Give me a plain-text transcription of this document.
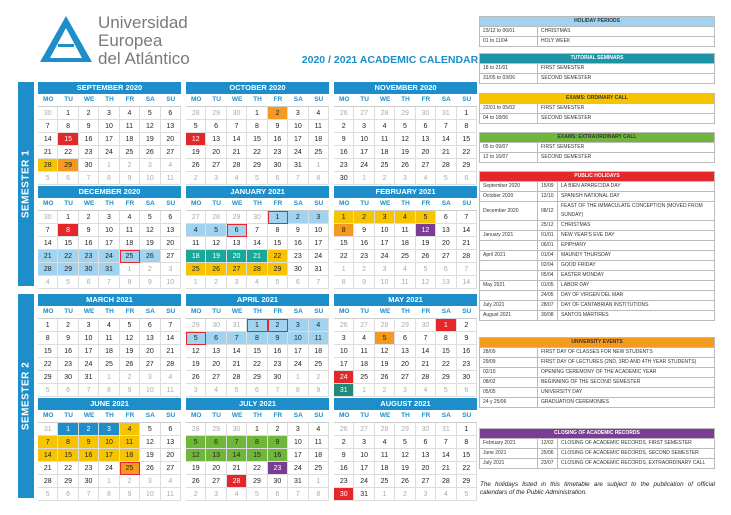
Universidad
Europea
del Atlántico	2020 / 2021 ACADEMIC CALENDAR
SEMESTER 1
SEMESTER 2
SEPTEMBER 2020
MO	TU	WE	TH	FR	SA	SU
30	1	2	3	4	5	6
7	8	9	10	11	12	13
14	15	16	17	18	19	20
21	22	23	24	25	26	27
28	29	30	1	2	3	4
5	6	7	8	9	10	11
OCTOBER 2020
MO	TU	WE	TH	FR	SA	SU
28	29	30	1	2	3	4
5	6	7	8	9	10	11
12	13	14	15	16	17	18
19	20	21	22	23	24	25
26	27	28	29	30	31	1
2	3	4	5	6	7	8
NOVEMBER 2020
MO	TU	WE	TH	FR	SA	SU
26	27	28	29	30	31	1
2	3	4	5	6	7	8
9	10	11	12	13	14	15
16	17	18	19	20	21	22
23	24	25	26	27	28	29
30	1	2	3	4	5	6
DECEMBER 2020
MO	TU	WE	TH	FR	SA	SU
30	1	2	3	4	5	6
7	8	9	10	11	12	13
14	15	16	17	18	19	20
21	22	23	24	25	26	27
28	29	30	31	1	2	3
4	5	6	7	8	9	10
JANUARY 2021
MO	TU	WE	TH	FR	SA	SU
27	28	29	30	1	2	3
4	5	6	7	8	9	10
11	12	13	14	15	16	17
18	19	20	21	22	23	24
25	26	27	28	29	30	31
1	2	3	4	5	6	7
FEBRUARY 2021
MO	TU	WE	TH	FR	SA	SU
1	2	3	4	5	6	7
8	9	10	11	12	13	14
15	16	17	18	19	20	21
22	23	24	25	26	27	28
1	2	3	4	5	6	7
8	9	10	11	12	13	14
MARCH 2021
MO	TU	WE	TH	FR	SA	SU
1	2	3	4	5	6	7
8	9	10	11	12	13	14
15	16	17	18	19	20	21
22	23	24	25	26	27	28
29	30	31	1	2	3	4
5	6	7	8	9	10	11
APRIL 2021
MO	TU	WE	TH	FR	SA	SU
29	30	31	1	2	3	4
5	6	7	8	9	10	11
12	13	14	15	16	17	18
19	20	21	22	23	24	25
26	27	28	29	30	1	2
3	4	5	6	7	8	9
MAY 2021
MO	TU	WE	TH	FR	SA	SU
26	27	28	29	30	1	2
3	4	5	6	7	8	9
10	11	12	13	14	15	16
17	18	19	20	21	22	23
24	25	26	27	28	29	30
31	1	2	3	4	5	6
JUNE 2021
MO	TU	WE	TH	FR	SA	SU
31	1	2	3	4	5	6
7	8	9	10	11	12	13
14	15	16	17	18	19	20
21	22	23	24	25	26	27
28	29	30	1	2	3	4
5	6	7	8	9	10	11
JULY 2021
MO	TU	WE	TH	FR	SA	SU
28	29	30	1	2	3	4
5	6	7	8	9	10	11
12	13	14	15	16	17	18
19	20	21	22	23	24	25
26	27	28	29	30	31	1
2	3	4	5	6	7	8
AUGUST 2021
MO	TU	WE	TH	FR	SA	SU
26	27	28	29	30	31	1
2	3	4	5	6	7	8
9	10	11	12	13	14	15
16	17	18	19	20	21	22
23	24	25	26	27	28	29
30	31	1	2	3	4	5
HOLIDAY PERIODS	
23/12 to 06/01	CHRISTMAS
01 to 11/04	HOLY WEEK
TUTORIAL SEMINARS	
18 to 21/01	FIRST SEMESTER
31/05 to 03/06	SECOND SEMESTER
EXAMS: ORDINARY CALL	
22/01 to 05/02	FIRST SEMESTER
04 to 18/06	SECOND SEMESTER
EXAMS: EXTRAORDINARY CALL	
05 to 09/07	FIRST SEMESTER
12 to 16/07	SECOND SEMESTER
PUBLIC HOLIDAYS		
September 2020	15/09	LA BIEN APARECIDA DAY
October 2020	12/10	SPANISH NATIONAL DAY
December 2020	08/12	FEAST OF THE IMMACULATE CONCEPTION (MOVED FROM SUNDAY)
	25/12	CHRISTMAS
January 2021	01/01	NEW YEAR'S EVE DAY
	06/01	EPIPHANY
April 2021	01/04	MAUNDY THURSDAY
	02/04	GOOD FRIDAY
	05/04	EASTER MONDAY
May 2021	01/05	LABOR DAY
	24/05	DAY OF VIRGEN DEL MAR
July 2021	28/07	DAY OF CANTABRIAN INSTITUTIONS
August 2021	30/08	SANTOS MÁRTIRES
UNIVERSITY EVENTS	
28/09	FIRST DAY OF CLASSES FOR NEW STUDENTS
29/09	FIRST DAY OF LECTURES (2ND, 3RD AND 4TH YEAR STUDENTS)
02/10	OPENING CEREMONY OF THE ACADEMIC YEAR
08/02	BEGINNING OF THE SECOND SEMESTER
05/05	UNIVERSITY DAY
24 y 25/06	GRADUATION CEREMONIES
CLOSING OF ACADEMIC RECORDS		
February 2021	12/02	CLOSING OF ACADEMIC RECORDS, FIRST SEMESTER
June 2021	25/06	CLOSING OF ACADEMIC RECORDS, SECOND SEMESTER
July 2021	23/07	CLOSING OF ACADEMIC RECORDS, EXTRAORDINARY CALL
The holidays listed in this timetable are subject to the publication of official calendars of the Public Administration.
